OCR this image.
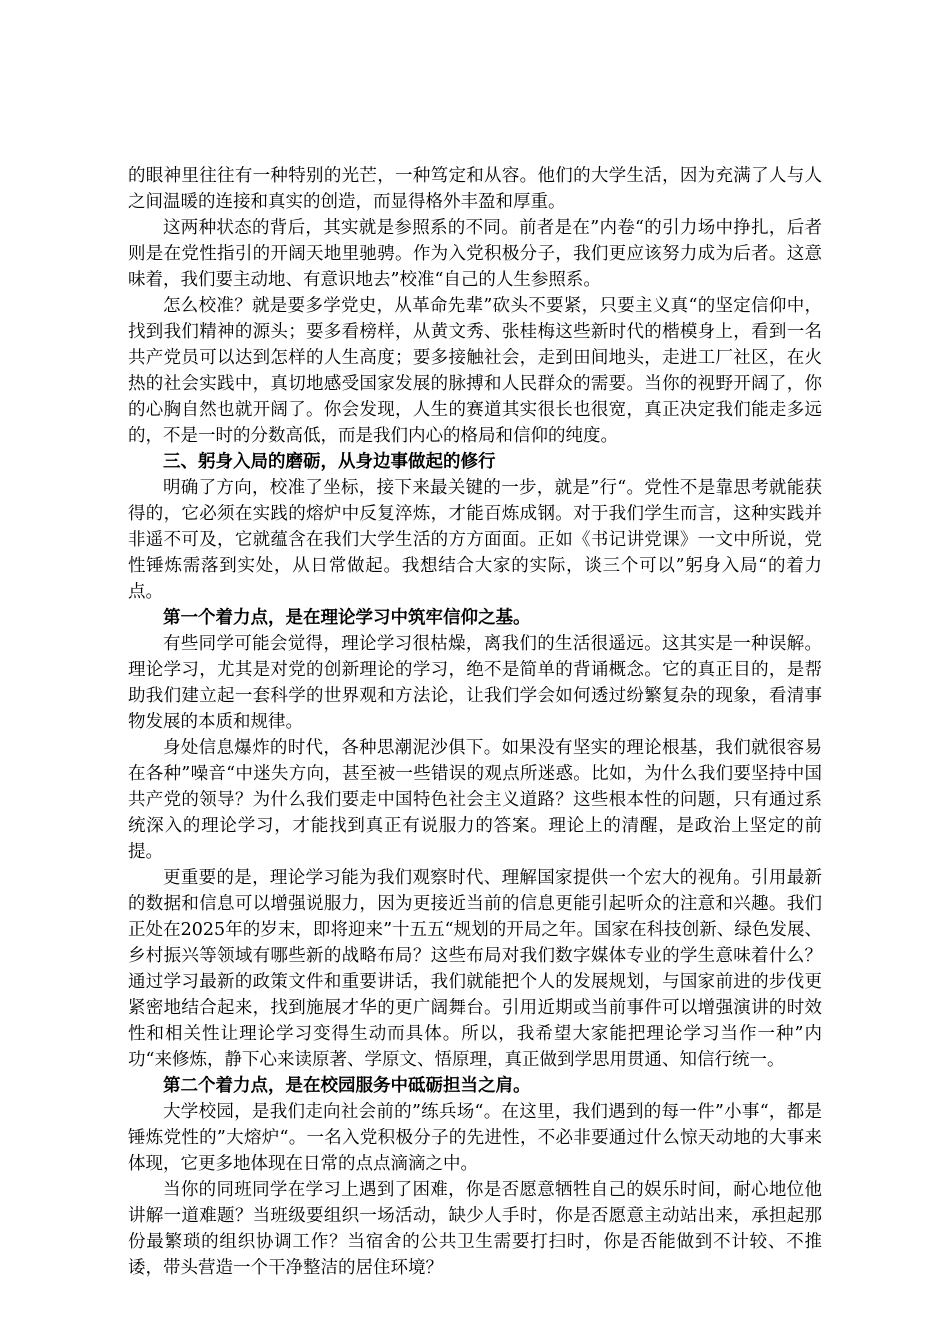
的眼神里往往有一种特别的光芒，一种笃定和从容。他们的大学生活，因为充满了人与人之间温暖的连接和真实的创造，而显得格外丰盈和厚重。

这两种状态的背后，其实就是参照系的不同。前者是在”内卷“的引力场中挣扎，后者则是在党性指引的开阔天地里驰骋。作为入党积极分子，我们更应该努力成为后者。这意味着，我们要主动地、有意识地去”校准“自己的人生参照系。

怎么校准？就是要多学党史，从革命先辈”砍头不要紧，只要主义真“的坚定信仰中，找到我们精神的源头；要多看榜样，从黄文秀、张桂梅这些新时代的楷模身上，看到一名共产党员可以达到怎样的人生高度；要多接触社会，走到田间地头，走进工厂社区，在火热的社会实践中，真切地感受国家发展的脉搏和人民群众的需要。当你的视野开阔了，你的心胸自然也就开阔了。你会发现，人生的赛道其实很长也很宽，真正决定我们能走多远的，不是一时的分数高低，而是我们内心的格局和信仰的纯度。

三、躬身入局的磨砺，从身边事做起的修行

明确了方向，校准了坐标，接下来最关键的一步，就是”行“。党性不是靠思考就能获得的，它必须在实践的熔炉中反复淬炼，才能百炼成钢。对于我们学生而言，这种实践并非遥不可及，它就蕴含在我们大学生活的方方面面。正如《书记讲党课》一文中所说，党性锤炼需落到实处，从日常做起。我想结合大家的实际，谈三个可以”躬身入局“的着力点。

第一个着力点，是在理论学习中筑牢信仰之基。

有些同学可能会觉得，理论学习很枯燥，离我们的生活很遥远。这其实是一种误解。理论学习，尤其是对党的创新理论的学习，绝不是简单的背诵概念。它的真正目的，是帮助我们建立起一套科学的世界观和方法论，让我们学会如何透过纷繁复杂的现象，看清事物发展的本质和规律。

身处信息爆炸的时代，各种思潮泥沙俱下。如果没有坚实的理论根基，我们就很容易在各种”噪音“中迷失方向，甚至被一些错误的观点所迷惑。比如，为什么我们要坚持中国共产党的领导？为什么我们要走中国特色社会主义道路？这些根本性的问题，只有通过系统深入的理论学习，才能找到真正有说服力的答案。理论上的清醒，是政治上坚定的前提。

更重要的是，理论学习能为我们观察时代、理解国家提供一个宏大的视角。引用最新的数据和信息可以增强说服力，因为更接近当前的信息更能引起听众的注意和兴趣。我们正处在2025年的岁末，即将迎来”十五五“规划的开局之年。国家在科技创新、绿色发展、乡村振兴等领域有哪些新的战略布局？这些布局对我们数字媒体专业的学生意味着什么？通过学习最新的政策文件和重要讲话，我们就能把个人的发展规划，与国家前进的步伐更紧密地结合起来，找到施展才华的更广阔舞台。引用近期或当前事件可以增强演讲的时效性和相关性让理论学习变得生动而具体。所以，我希望大家能把理论学习当作一种”内功“来修炼，静下心来读原著、学原文、悟原理，真正做到学思用贯通、知信行统一。

第二个着力点，是在校园服务中砥砺担当之肩。

大学校园，是我们走向社会前的”练兵场“。在这里，我们遇到的每一件”小事“，都是锤炼党性的”大熔炉“。一名入党积极分子的先进性，不必非要通过什么惊天动地的大事来体现，它更多地体现在日常的点点滴滴之中。

当你的同班同学在学习上遇到了困难，你是否愿意牺牲自己的娱乐时间，耐心地位他讲解一道难题？当班级要组织一场活动，缺少人手时，你是否愿意主动站出来，承担起那份最繁琐的组织协调工作？当宿舍的公共卫生需要打扫时，你是否能做到不计较、不推诿，带头营造一个干净整洁的居住环境？
